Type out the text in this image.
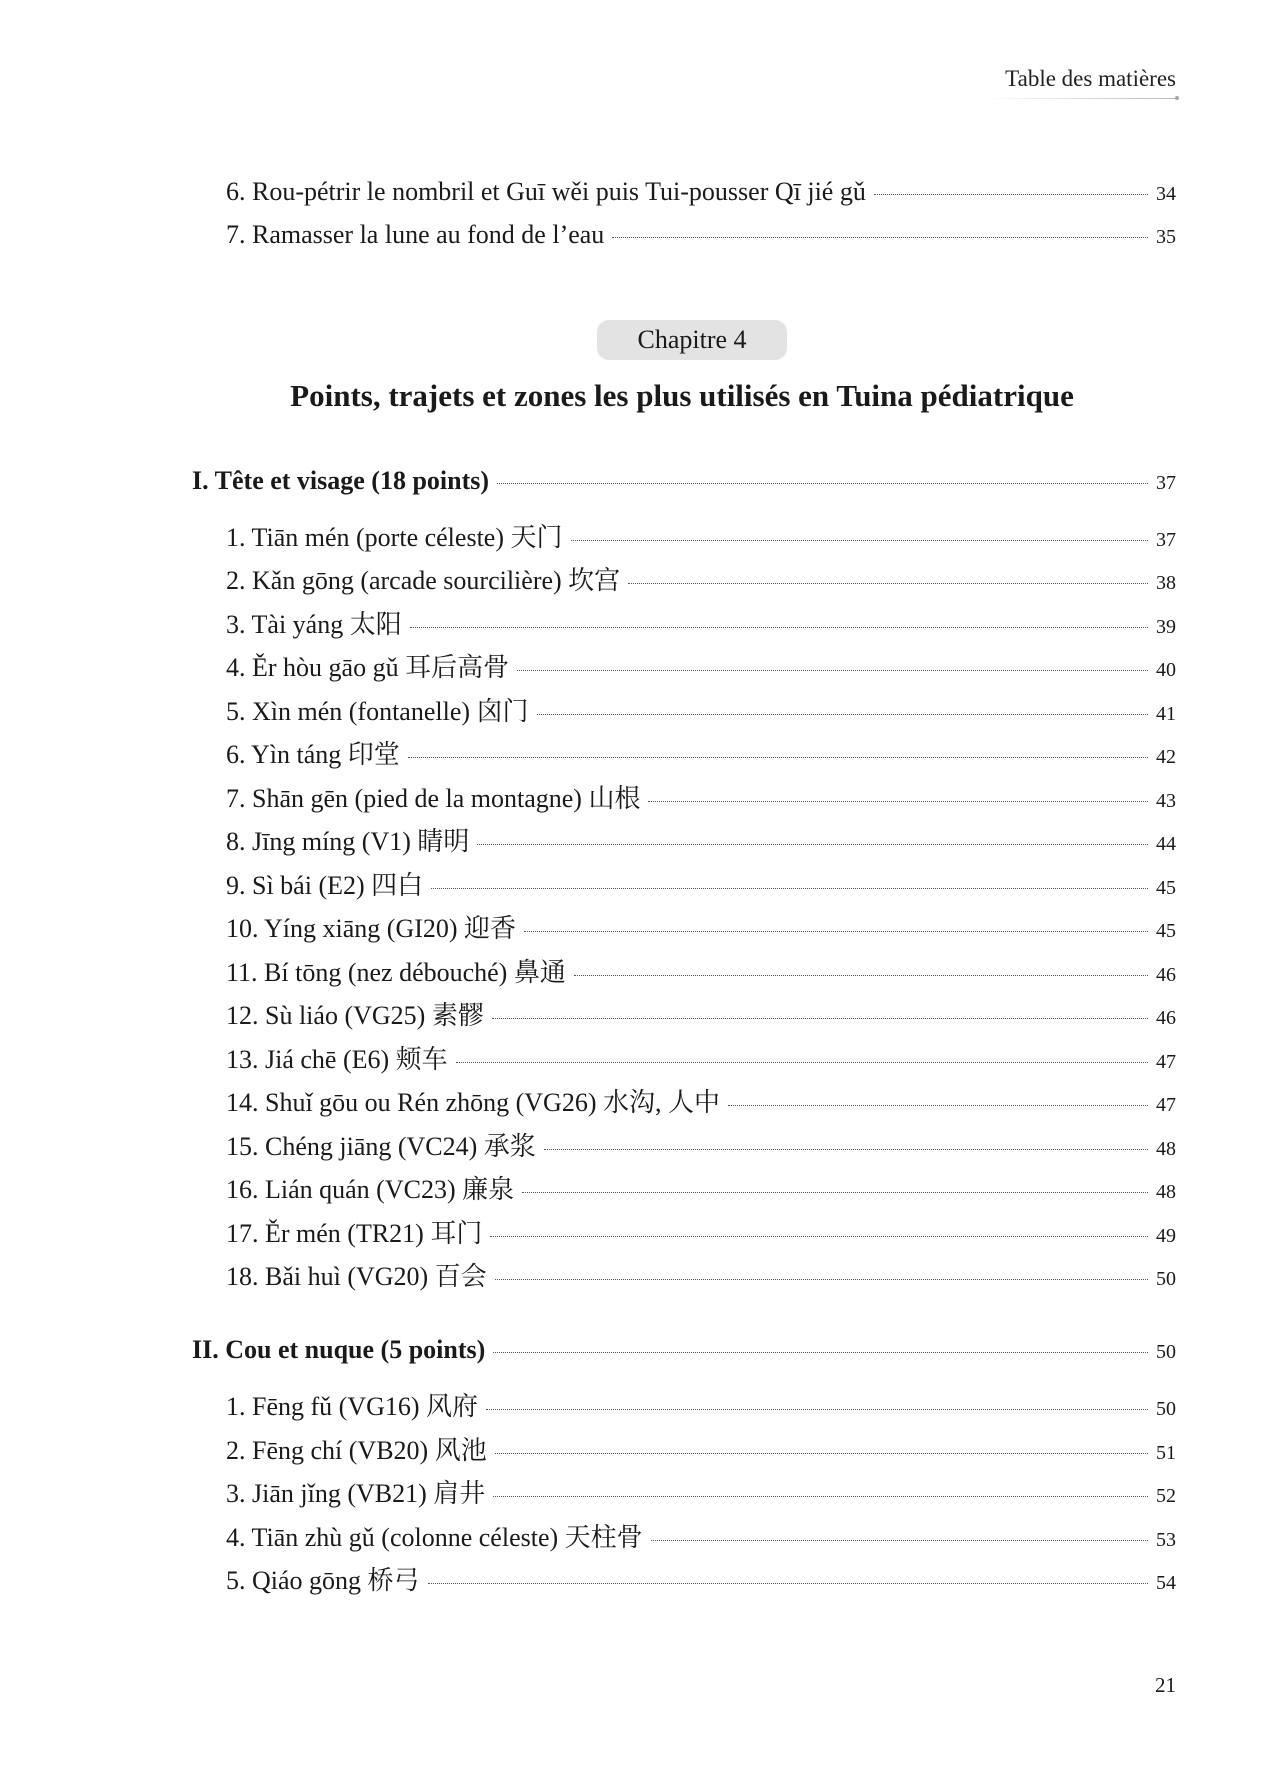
Table des matières
6. Rou-pétrir le nombril et Guī wěi puis Tui-pousser Qī jié gǔ	34
7. Ramasser la lune au fond de l’eau	35
Chapitre 4
Points, trajets et zones les plus utilisés en Tuina pédiatrique
I. Tête et visage (18 points)	37
1. Tiān mén (porte céleste) 天门	37
2. Kǎn gōng (arcade sourcilière) 坎宫	38
3. Tài yáng 太阳	39
4. Ěr hòu gāo gǔ 耳后高骨	40
5. Xìn mén (fontanelle) 囟门	41
6. Yìn táng 印堂	42
7. Shān gēn (pied de la montagne) 山根	43
8. Jīng míng (V1) 睛明	44
9. Sì bái (E2) 四白	45
10. Yíng xiāng (GI20) 迎香	45
11. Bí tōng (nez débouché) 鼻通	46
12. Sù liáo (VG25) 素髎	46
13. Jiá chē (E6) 颊车	47
14. Shuǐ gōu ou Rén zhōng (VG26) 水沟, 人中	47
15. Chéng jiāng (VC24) 承浆	48
16. Lián quán (VC23) 廉泉	48
17. Ěr mén (TR21) 耳门	49
18. Bǎi huì (VG20) 百会	50
II. Cou et nuque (5 points)	50
1. Fēng fǔ (VG16) 风府	50
2. Fēng chí (VB20) 风池	51
3. Jiān jǐng (VB21) 肩井	52
4. Tiān zhù gǔ (colonne céleste) 天柱骨	53
5. Qiáo gōng 桥弓	54
21
